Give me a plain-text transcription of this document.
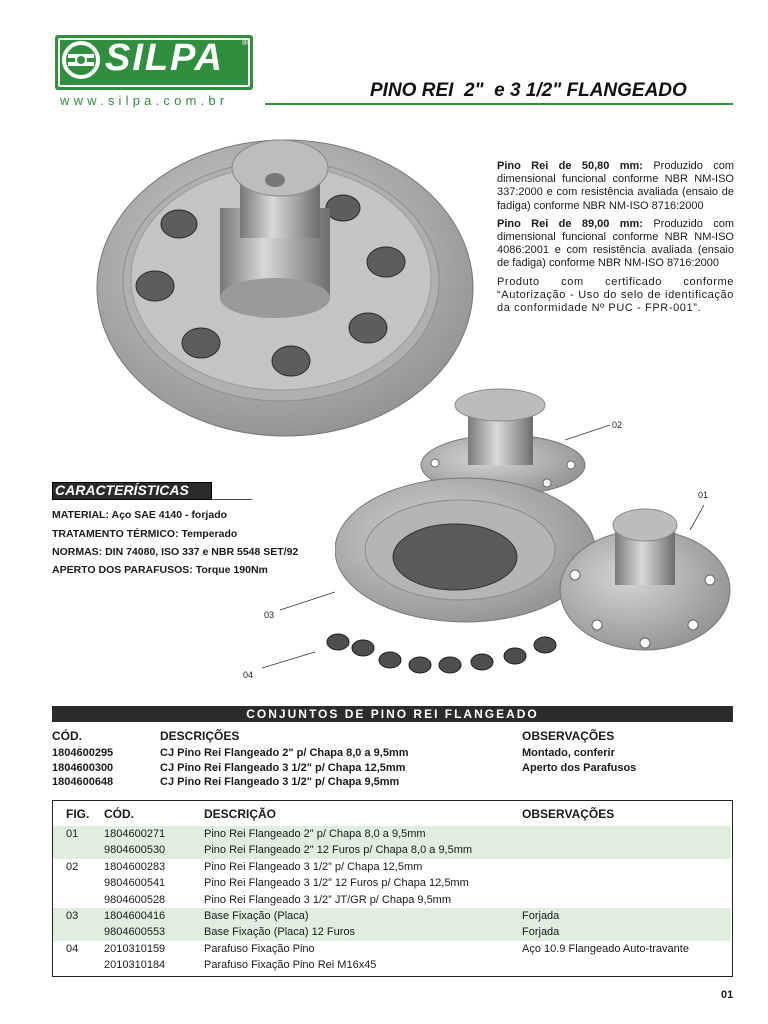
SILPA ®
www.silpa.com.br	PINO REI  2"  e 3 1/2" FLANGEADO

Pino Rei de 50,80 mm: Produzido com dimensional funcional conforme NBR NM-ISO 337:2000 e com resistência avaliada (ensaio de fadiga) conforme NBR NM-ISO 8716:2000

Pino Rei de 89,00 mm: Produzido com dimensional funcional conforme NBR NM-ISO 4086:2001 e com resistência avaliada (ensaio de fadiga) conforme NBR NM-ISO 8716:2000

Produto com certificado conforme “Autorização - Uso do selo de identificação da conformidade Nº PUC - FPR-001”.

02
01
03
04
CARACTERÍSTICAS
MATERIAL: Aço SAE 4140 - forjado
TRATAMENTO TÉRMICO: Temperado
NORMAS: DIN 74080, ISO 337 e NBR 5548 SET/92
APERTO DOS PARAFUSOS: Torque 190Nm
CONJUNTOS DE PINO REI FLANGEADO
CÓD.	DESCRIÇÕES	OBSERVAÇÕES
1804600295	CJ Pino Rei Flangeado 2" p/ Chapa 8,0 a 9,5mm	Montado, conferir
1804600300	CJ Pino Rei Flangeado 3 1/2" p/ Chapa 12,5mm	Aperto dos Parafusos
1804600648	CJ Pino Rei Flangeado 3 1/2" p/ Chapa 9,5mm
FIG. CÓD.	DESCRIÇÃO	OBSERVAÇÕES
01 1804600271	Pino Rei Flangeado 2" p/ Chapa 8,0 a 9,5mm
9804600530	Pino Rei Flangeado 2" 12 Furos p/ Chapa 8,0 a 9,5mm
02 1804600283	Pino Rei Flangeado 3 1/2” p/ Chapa 12,5mm
9804600541	Pino Rei Flangeado 3 1/2” 12 Furos p/ Chapa 12,5mm
9804600528	Pino Rei Flangeado 3 1/2” JT/GR p/ Chapa 9,5mm
03 1804600416	Base Fixação (Placa)	Forjada
9804600553	Base Fixação (Placa) 12 Furos	Forjada
04 2010310159	Parafuso Fixação Pino	Aço 10.9 Flangeado Auto-travante
2010310184	Parafuso Fixação Pino Rei M16x45
01
